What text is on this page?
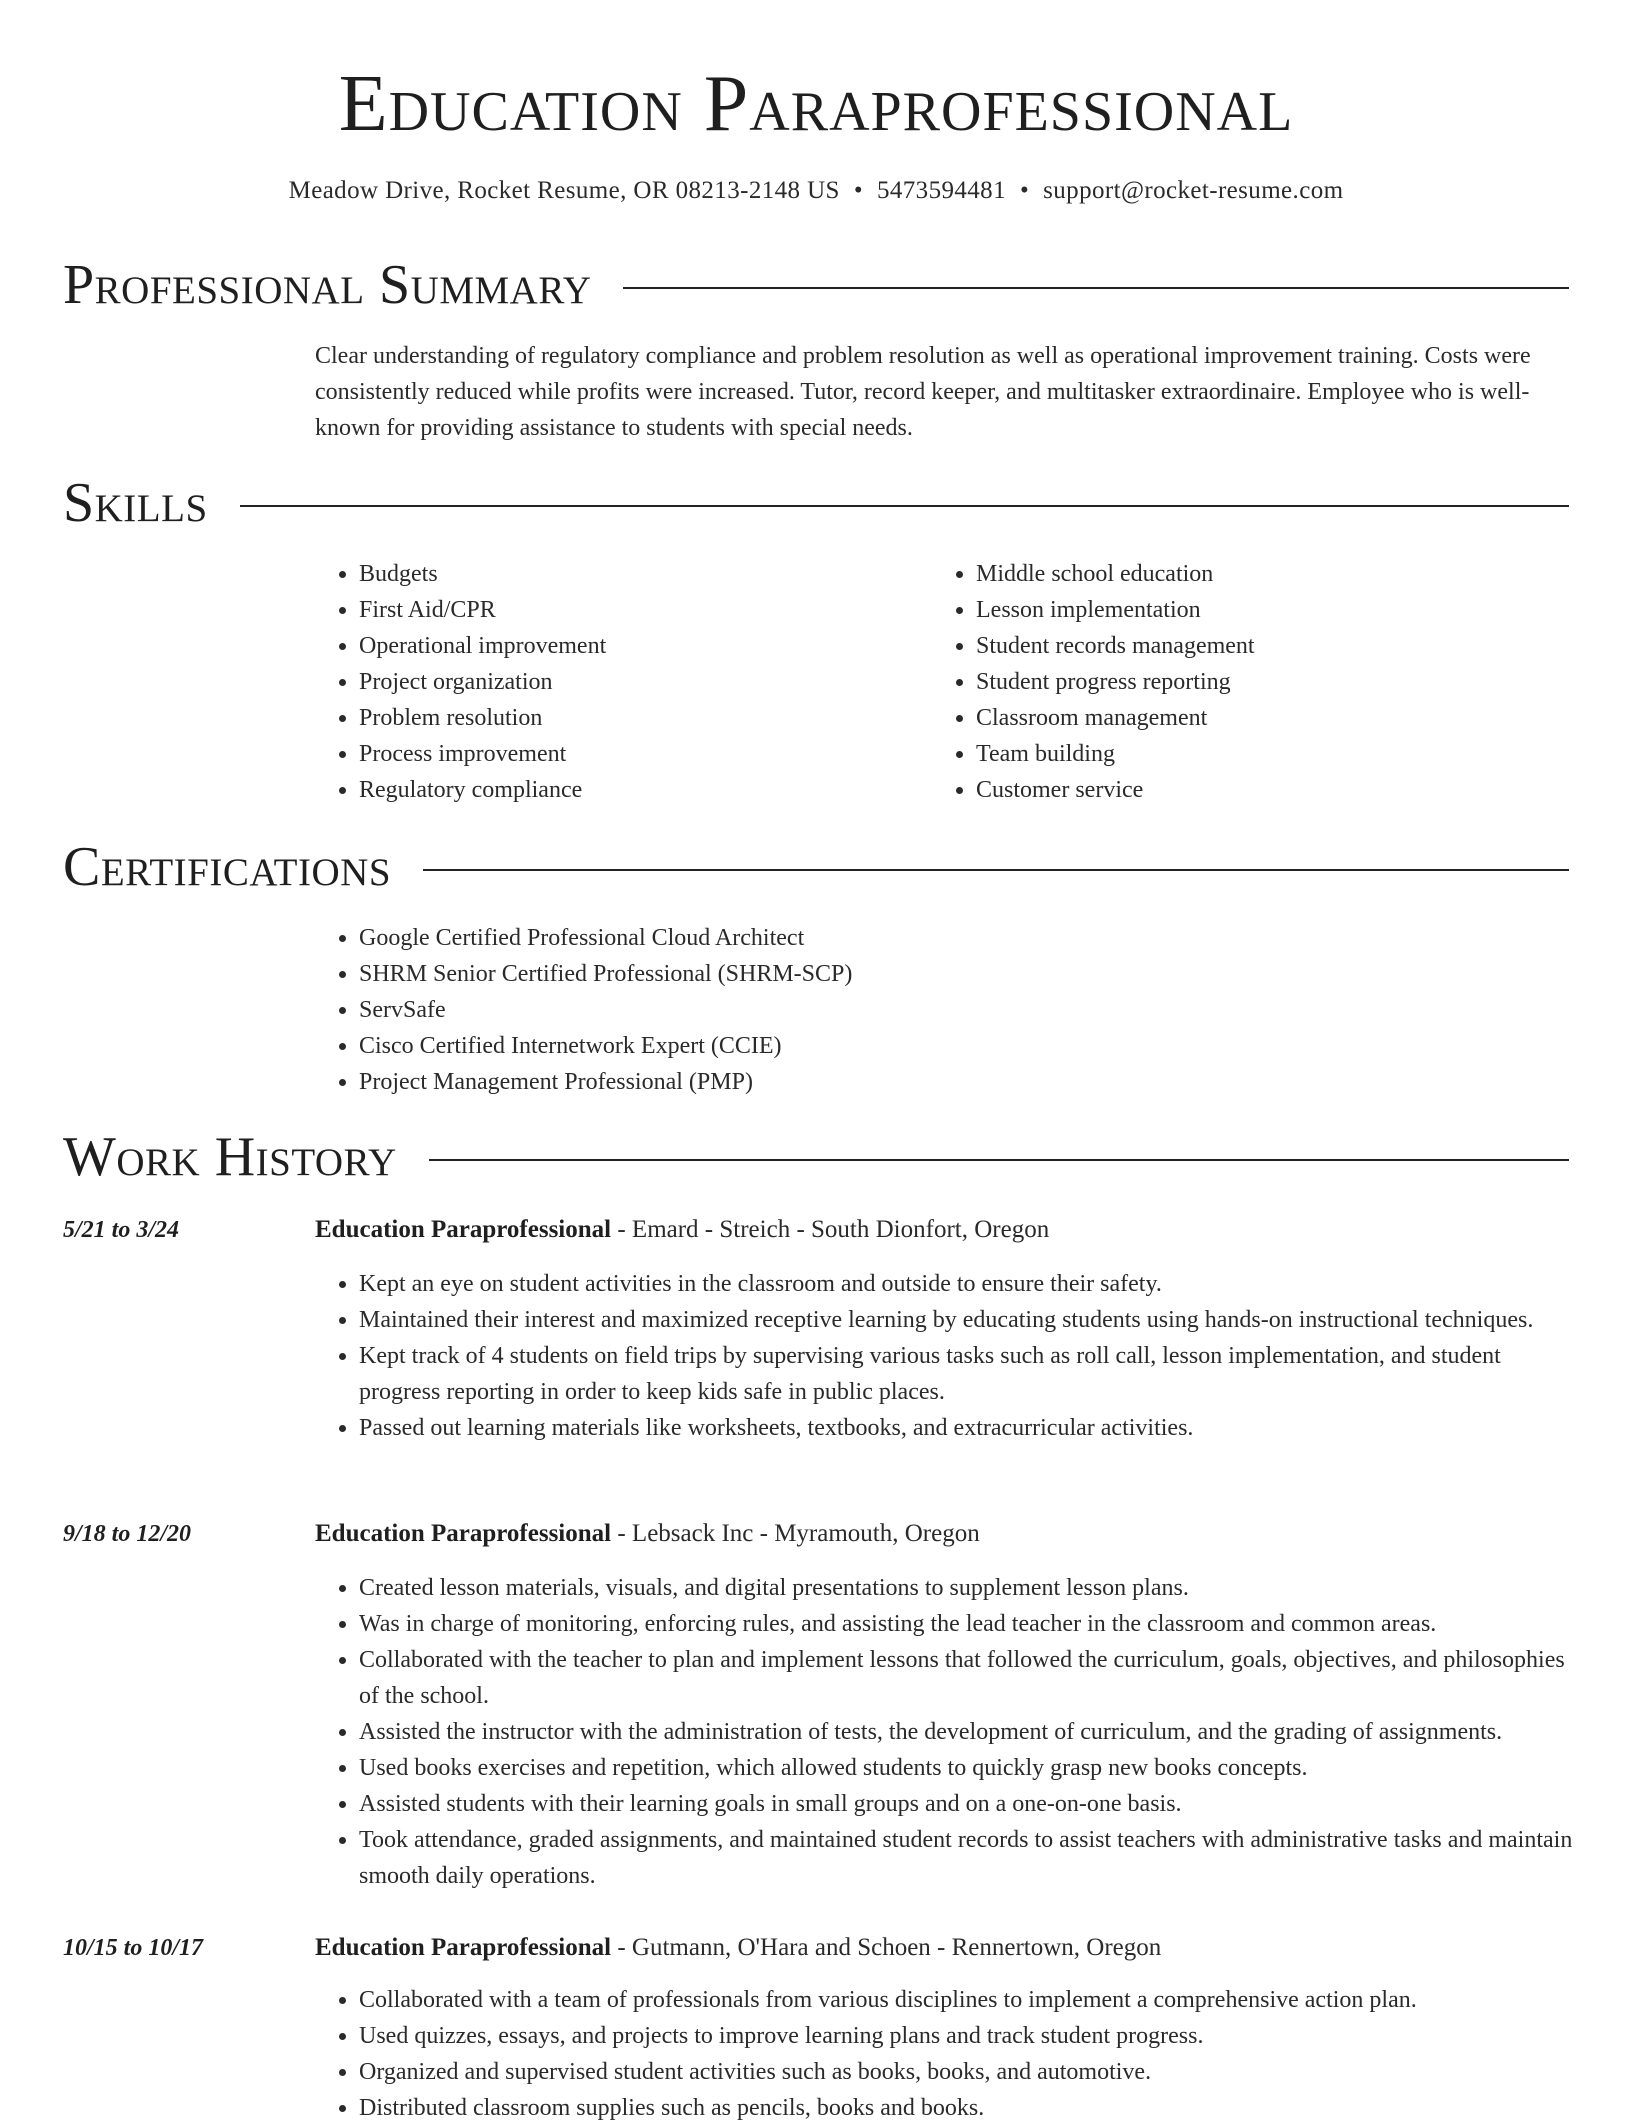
Education Paraprofessional
Meadow Drive, Rocket Resume, OR 08213-2148 US • 5473594481 • support@rocket-resume.com
Professional Summary

Clear understanding of regulatory compliance and problem resolution as well as operational improvement training. Costs were consistently reduced while profits were increased. Tutor, record keeper, and multitasker extraordinaire. Employee who is well-known for providing assistance to students with special needs.

Skills
• Budgets
• First Aid/CPR
• Operational improvement
• Project organization
• Problem resolution
• Process improvement
• Regulatory compliance
• Middle school education
• Lesson implementation
• Student records management
• Student progress reporting
• Classroom management
• Team building
• Customer service
Certifications
• Google Certified Professional Cloud Architect
• SHRM Senior Certified Professional (SHRM-SCP)
• ServSafe
• Cisco Certified Internetwork Expert (CCIE)
• Project Management Professional (PMP)
Work History
5/21 to 3/24	Education Paraprofessional - Emard - Streich - South Dionfort, Oregon
• Kept an eye on student activities in the classroom and outside to ensure their safety.
• Maintained their interest and maximized receptive learning by educating students using hands-on instructional techniques.
• Kept track of 4 students on field trips by supervising various tasks such as roll call, lesson implementation, and student progress reporting in order to keep kids safe in public places.
• Passed out learning materials like worksheets, textbooks, and extracurricular activities.
9/18 to 12/20	Education Paraprofessional - Lebsack Inc - Myramouth, Oregon
• Created lesson materials, visuals, and digital presentations to supplement lesson plans.
• Was in charge of monitoring, enforcing rules, and assisting the lead teacher in the classroom and common areas.
• Collaborated with the teacher to plan and implement lessons that followed the curriculum, goals, objectives, and philosophies of the school.
• Assisted the instructor with the administration of tests, the development of curriculum, and the grading of assignments.
• Used books exercises and repetition, which allowed students to quickly grasp new books concepts.
• Assisted students with their learning goals in small groups and on a one-on-one basis.
• Took attendance, graded assignments, and maintained student records to assist teachers with administrative tasks and maintain smooth daily operations.
10/15 to 10/17	Education Paraprofessional - Gutmann, O'Hara and Schoen - Rennertown, Oregon
• Collaborated with a team of professionals from various disciplines to implement a comprehensive action plan.
• Used quizzes, essays, and projects to improve learning plans and track student progress.
• Organized and supervised student activities such as books, books, and automotive.
• Distributed classroom supplies such as pencils, books and books.
